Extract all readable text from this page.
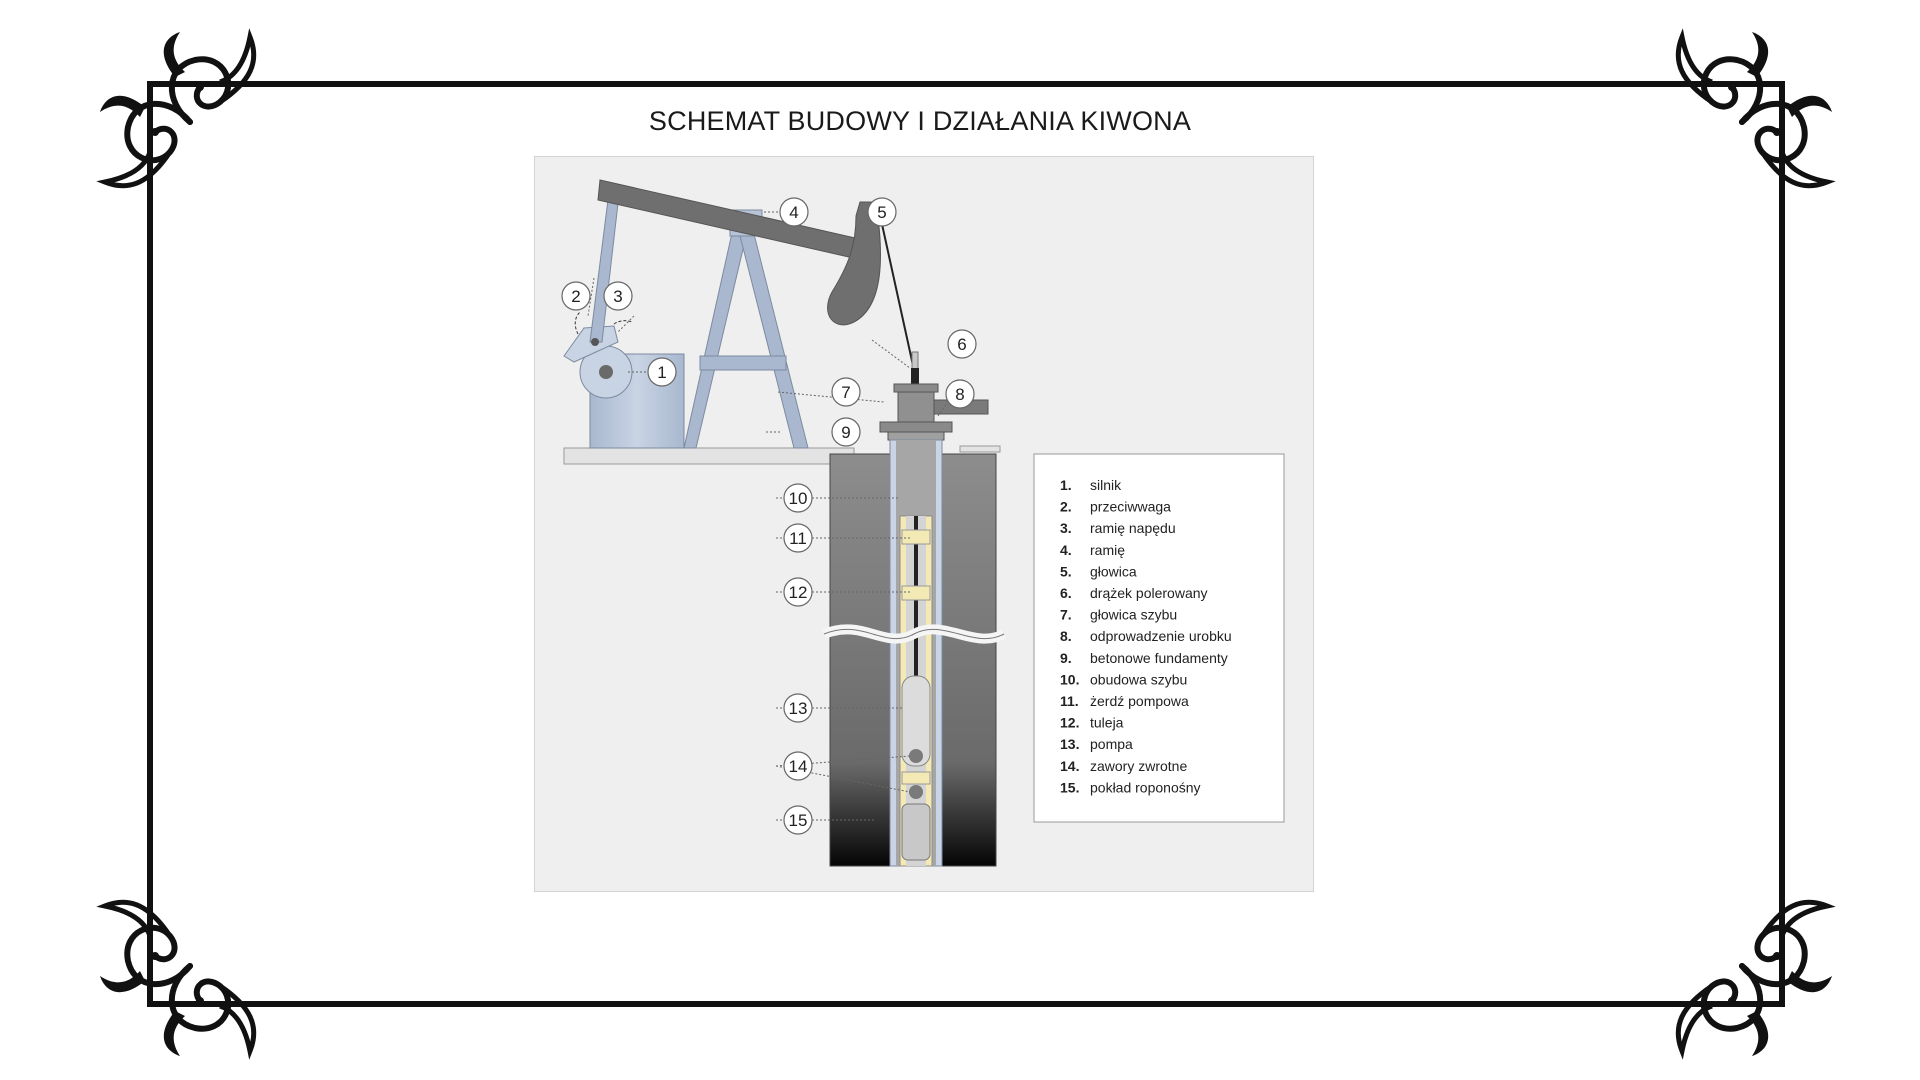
SCHEMAT BUDOWY I DZIAŁANIA KIWONA
1
2 3
4	5
6
7	8
9
10
11
12
13
14
15
1. silnik
2. przeciwwaga
3. ramię napędu
4. ramię
5. głowica
6. drążek polerowany
7. głowica szybu
8. odprowadzenie urobku
9. betonowe fundamenty
10. obudowa szybu
11. żerdź pompowa
12. tuleja
13. pompa
14. zawory zwrotne
15. pokład roponośny
